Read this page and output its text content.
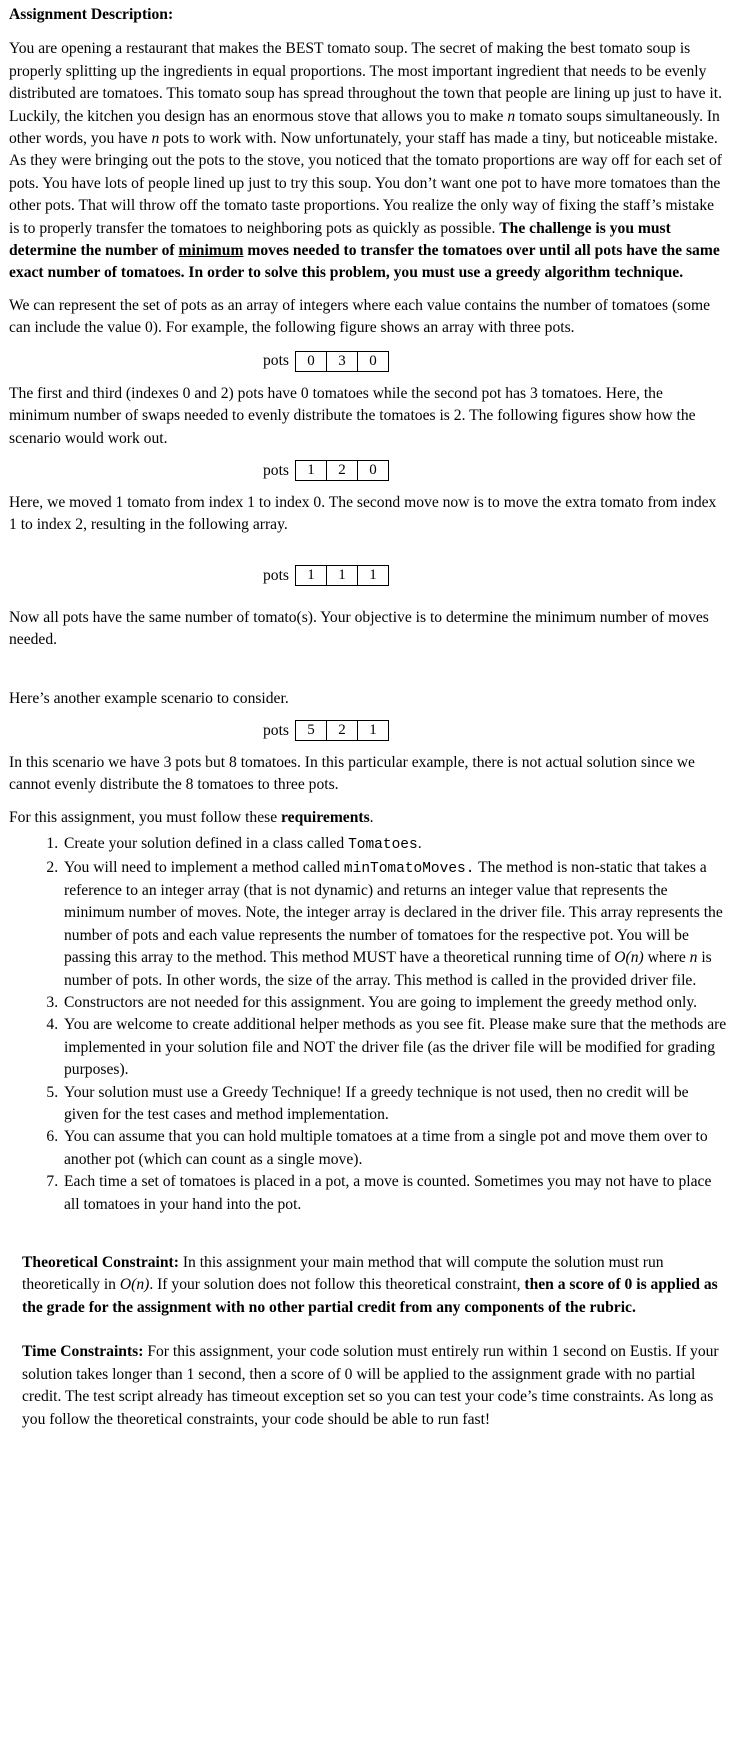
Assignment Description:

You are opening a restaurant that makes the BEST tomato soup. The secret of making the best tomato soup is properly splitting up the ingredients in equal proportions. The most important ingredient that needs to be evenly distributed are tomatoes. This tomato soup has spread throughout the town that people are lining up just to have it. Luckily, the kitchen you design has an enormous stove that allows you to make n tomato soups simultaneously. In other words, you have n pots to work with. Now unfortunately, your staff has made a tiny, but noticeable mistake. As they were bringing out the pots to the stove, you noticed that the tomato proportions are way off for each set of pots. You have lots of people lined up just to try this soup. You don’t want one pot to have more tomatoes than the other pots. That will throw off the tomato taste proportions. You realize the only way of fixing the staff’s mistake is to properly transfer the tomatoes to neighboring pots as quickly as possible. The challenge is you must determine the number of minimum moves needed to transfer the tomatoes over until all pots have the same exact number of tomatoes. In order to solve this problem, you must use a greedy algorithm technique.

We can represent the set of pots as an array of integers where each value contains the number of tomatoes (some can include the value 0). For example, the following figure shows an array with three pots.

pots	0	3	0

The first and third (indexes 0 and 2) pots have 0 tomatoes while the second pot has 3 tomatoes. Here, the minimum number of swaps needed to evenly distribute the tomatoes is 2. The following figures show how the scenario would work out.

pots	1	2	0

Here, we moved 1 tomato from index 1 to index 0. The second move now is to move the extra tomato from index 1 to index 2, resulting in the following array.

pots	1	1	1

Now all pots have the same number of tomato(s). Your objective is to determine the minimum number of moves needed.

Here’s another example scenario to consider.

pots	5	2	1

In this scenario we have 3 pots but 8 tomatoes. In this particular example, there is not actual solution since we cannot evenly distribute the 8 tomatoes to three pots.

For this assignment, you must follow these requirements.

1. Create your solution defined in a class called Tomatoes.
2. You will need to implement a method called minTomatoMoves. The method is non-static that takes a reference to an integer array (that is not dynamic) and returns an integer value that represents the minimum number of moves. Note, the integer array is declared in the driver file. This array represents the number of pots and each value represents the number of tomatoes for the respective pot. You will be passing this array to the method. This method MUST have a theoretical running time of O(n) where n is number of pots. In other words, the size of the array. This method is called in the provided driver file.
3. Constructors are not needed for this assignment. You are going to implement the greedy method only.
4. You are welcome to create additional helper methods as you see fit. Please make sure that the methods are implemented in your solution file and NOT the driver file (as the driver file will be modified for grading purposes).
5. Your solution must use a Greedy Technique! If a greedy technique is not used, then no credit will be given for the test cases and method implementation.
6. You can assume that you can hold multiple tomatoes at a time from a single pot and move them over to another pot (which can count as a single move).
7. Each time a set of tomatoes is placed in a pot, a move is counted. Sometimes you may not have to place all tomatoes in your hand into the pot.

Theoretical Constraint: In this assignment your main method that will compute the solution must run theoretically in O(n). If your solution does not follow this theoretical constraint, then a score of 0 is applied as the grade for the assignment with no other partial credit from any components of the rubric.

Time Constraints: For this assignment, your code solution must entirely run within 1 second on Eustis. If your solution takes longer than 1 second, then a score of 0 will be applied to the assignment grade with no partial credit. The test script already has timeout exception set so you can test your code’s time constraints. As long as you follow the theoretical constraints, your code should be able to run fast!
